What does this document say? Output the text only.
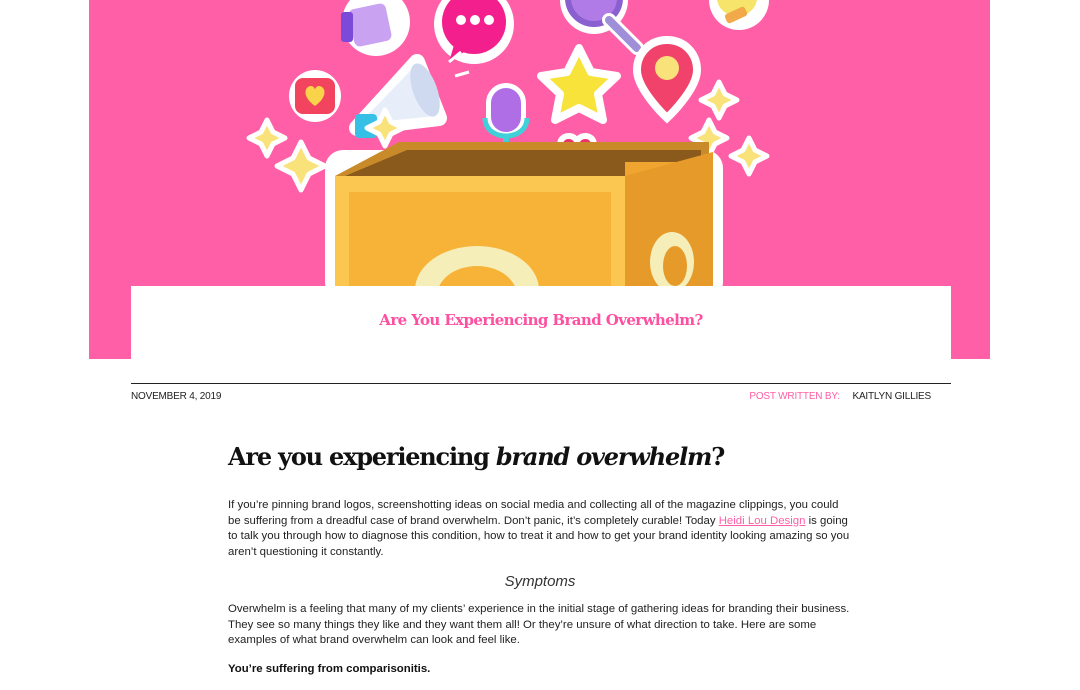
Are You Experiencing Brand Overwhelm?
NOVEMBER 4, 2019	POST WRITTEN BY: KAITLYN GILLIES
Are you experiencing brand overwhelm?

If you’re pinning brand logos, screenshotting ideas on social media and collecting all of the magazine clippings, you could be suffering from a dreadful case of brand overwhelm. Don’t panic, it’s completely curable! Today Heidi Lou Design is going to talk you through how to diagnose this condition, how to treat it and how to get your brand identity looking amazing so you aren’t questioning it constantly.

Symptoms

Overwhelm is a feeling that many of my clients’ experience in the initial stage of gathering ideas for branding their business. They see so many things they like and they want them all! Or they’re unsure of what direction to take. Here are some examples of what brand overwhelm can look and feel like.

You’re suffering from comparisonitis.
